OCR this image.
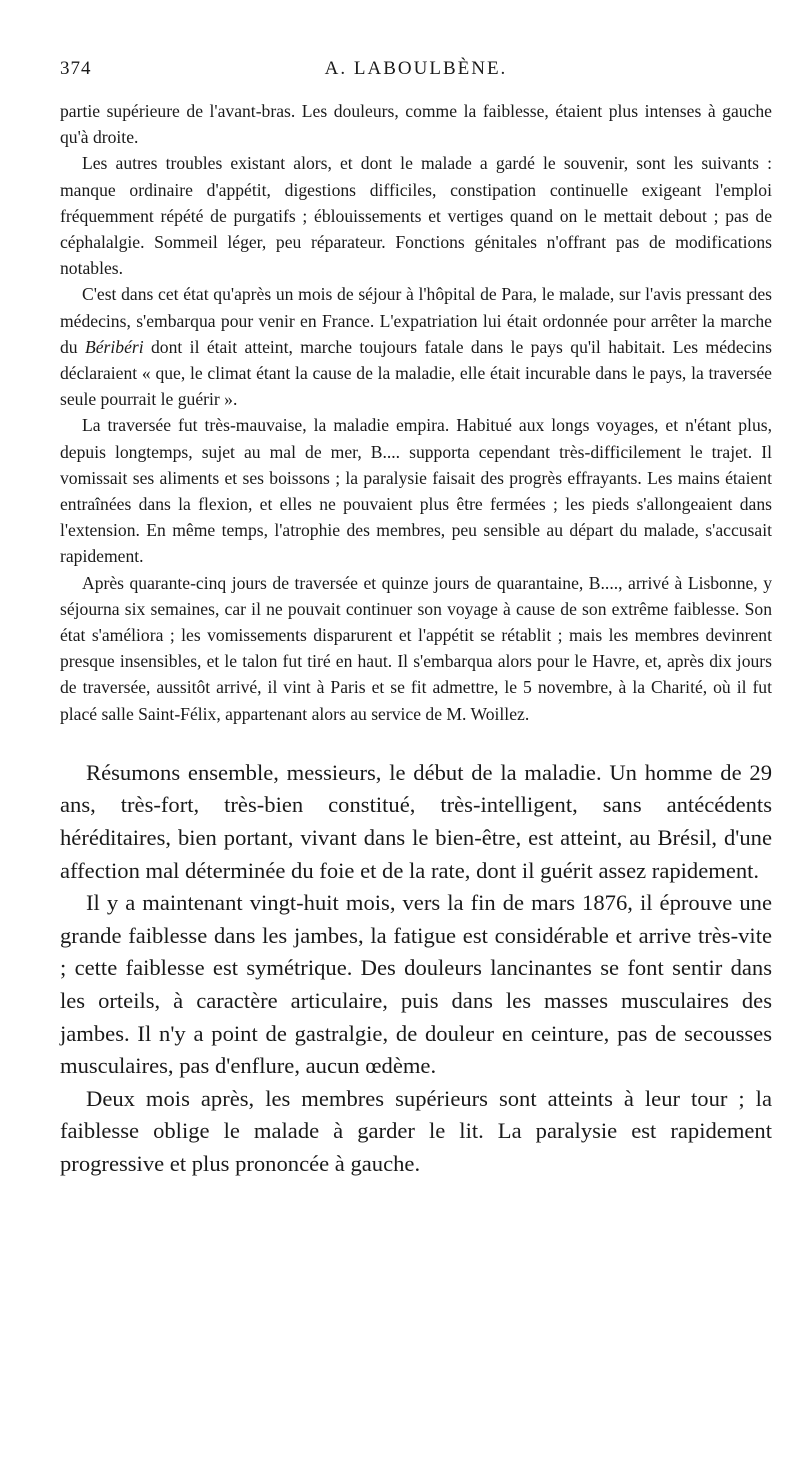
374	A. LABOULBÈNE.

partie supérieure de l'avant-bras. Les douleurs, comme la faiblesse, étaient plus intenses à gauche qu'à droite.

Les autres troubles existant alors, et dont le malade a gardé le souvenir, sont les suivants : manque ordinaire d'appétit, digestions difficiles, constipation continuelle exigeant l'emploi fréquemment répété de purgatifs ; éblouissements et vertiges quand on le mettait debout ; pas de céphalalgie. Sommeil léger, peu réparateur. Fonctions génitales n'offrant pas de modifications notables.

C'est dans cet état qu'après un mois de séjour à l'hôpital de Para, le malade, sur l'avis pressant des médecins, s'embarqua pour venir en France. L'expatriation lui était ordonnée pour arrêter la marche du Béribéri dont il était atteint, marche toujours fatale dans le pays qu'il habitait. Les médecins déclaraient « que, le climat étant la cause de la maladie, elle était incurable dans le pays, la traversée seule pourrait le guérir ».

La traversée fut très-mauvaise, la maladie empira. Habitué aux longs voyages, et n'étant plus, depuis longtemps, sujet au mal de mer, B.... supporta cependant très-difficilement le trajet. Il vomissait ses aliments et ses boissons ; la paralysie faisait des progrès effrayants. Les mains étaient entraînées dans la flexion, et elles ne pouvaient plus être fermées ; les pieds s'allongeaient dans l'extension. En même temps, l'atrophie des membres, peu sensible au départ du malade, s'accusait rapidement.

Après quarante-cinq jours de traversée et quinze jours de quarantaine, B...., arrivé à Lisbonne, y séjourna six semaines, car il ne pouvait continuer son voyage à cause de son extrême faiblesse. Son état s'améliora ; les vomissements disparurent et l'appétit se rétablit ; mais les membres devinrent presque insensibles, et le talon fut tiré en haut. Il s'embarqua alors pour le Havre, et, après dix jours de traversée, aussitôt arrivé, il vint à Paris et se fit admettre, le 5 novembre, à la Charité, où il fut placé salle Saint-Félix, appartenant alors au service de M. Woillez.

Résumons ensemble, messieurs, le début de la maladie. Un homme de 29 ans, très-fort, très-bien constitué, très-intelligent, sans antécédents héréditaires, bien portant, vivant dans le bien-être, est atteint, au Brésil, d'une affection mal déterminée du foie et de la rate, dont il guérit assez rapidement.

Il y a maintenant vingt-huit mois, vers la fin de mars 1876, il éprouve une grande faiblesse dans les jambes, la fatigue est considérable et arrive très-vite ; cette faiblesse est symétrique. Des douleurs lancinantes se font sentir dans les orteils, à caractère articulaire, puis dans les masses musculaires des jambes. Il n'y a point de gastralgie, de douleur en ceinture, pas de secousses musculaires, pas d'enflure, aucun œdème.

Deux mois après, les membres supérieurs sont atteints à leur tour ; la faiblesse oblige le malade à garder le lit. La paralysie est rapidement progressive et plus prononcée à gauche.
